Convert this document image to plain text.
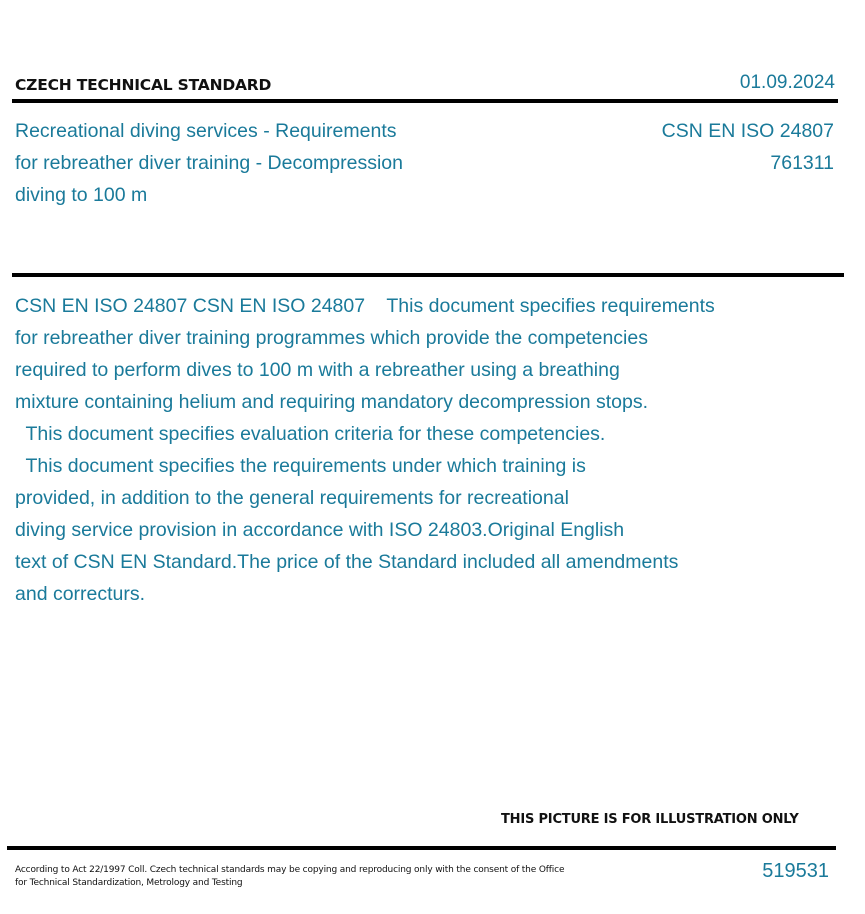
CZECH TECHNICAL STANDARD	01.09.2024
Recreational diving services - Requirements
for rebreather diver training - Decompression
diving to 100 m
CSN EN ISO 24807
761311
CSN EN ISO 24807 CSN EN ISO 24807    This document specifies requirements
for rebreather diver training programmes which provide the competencies
required to perform dives to 100 m with a rebreather using a breathing
mixture containing helium and requiring mandatory decompression stops.
This document specifies evaluation criteria for these competencies.
This document specifies the requirements under which training is
provided, in addition to the general requirements for recreational
diving service provision in accordance with ISO 24803.Original English
text of CSN EN Standard.The price of the Standard included all amendments
and correcturs.
THIS PICTURE IS FOR ILLUSTRATION ONLY
According to Act 22/1997 Coll. Czech technical standards may be copying and reproducing only with the consent of the Office
for Technical Standardization, Metrology and Testing
519531
